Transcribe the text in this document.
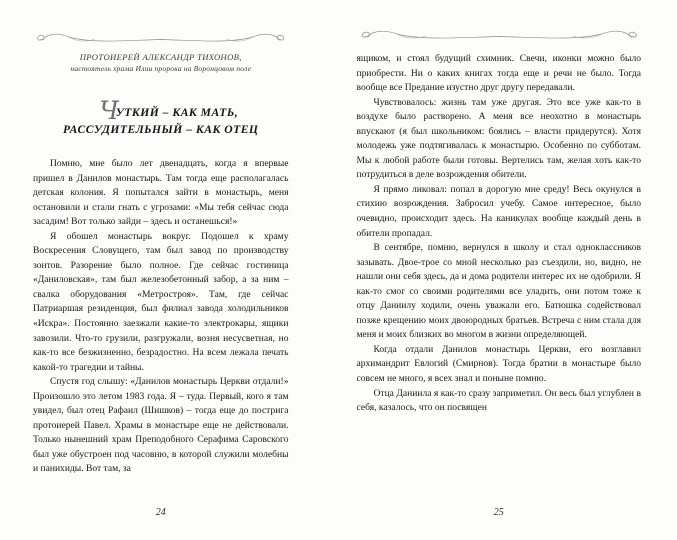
ПРОТОИЕРЕЙ АЛЕКСАНДР ТИХОНОВ,
настоятель храма Илии пророка на Воронцовом поле
ЧУТКИЙ – КАК МАТЬ,
РАССУДИТЕЛЬНЫЙ – КАК ОТЕЦ

Помню, мне было лет двенадцать, когда я впервые пришел в Данилов монастырь. Там тогда еще располагалась детская колония. Я попытался зайти в монастырь, меня остановили и стали гнать с угрозами: «Мы тебя сейчас сюда засадим! Вот только зайди – здесь и останешься!»

Я обошел монастырь вокруг. Подошел к храму Воскресения Словущего, там был завод по производству зонтов. Разорение было полное. Где сейчас гостиница «Даниловская», там был железобетонный забор, а за ним – свалка оборудования «Метростроя». Там, где сейчас Патриаршая резиденция, был филиал завода холодильников «Искра». Постоянно заезжали какие-то электрокары, ящики завозили. Что-то грузили, разгружали, возня несусветная, но как-то все безжизненно, безрадостно. На всем лежала печать какой-то трагедии и тайны.

Спустя год слышу: «Данилов монастырь Церкви отдали!» Произошло это летом 1983 года. Я – туда. Первый, кого я там увидел, был отец Рафаил (Шишков) – тогда еще до пострига протоиерей Павел. Храмы в монастыре еще не действовали. Только нынешний храм Преподобного Серафима Саровского был уже обустроен под часовню, в которой служили молебны и панихиды. Вот там, за

24

ящиком, и стоял будущий схимник. Свечи, иконки можно было приобрести. Ни о каких книгах тогда еще и речи не было. Тогда вообще все Предание изустно друг другу передавали.

Чувствовалось: жизнь там уже другая. Это все уже как-то в воздухе было растворено. А меня все неохотно в монастырь впускают (я был школьником: боялись – власти придерутся). Хотя молодежь уже подтягивалась к монастырю. Особенно по субботам. Мы к любой работе были готовы. Вертелись там, желая хоть как-то потрудиться в деле возрождения обители.

Я прямо ликовал: попал в дорогую мне среду! Весь окунулся в стихию возрождения. Забросил учебу. Самое интересное, было очевидно, происходит здесь. На каникулах вообще каждый день в обители пропадал.

В сентябре, помню, вернулся в школу и стал одноклассников зазывать. Двое-трое со мной несколько раз съездили, но, видно, не нашли они себя здесь, да и дома родители интерес их не одобрили. Я как-то смог со своими родителями все уладить, они потом тоже к отцу Даниилу ходили, очень уважали его. Батюшка содействовал позже крещению моих двоюродных братьев. Встреча с ним стала для меня и моих близких во многом в жизни определяющей.

Когда отдали Данилов монастырь Церкви, его возглавил архимандрит Евлогий (Смирнов). Тогда братии в монастыре было совсем не много, я всех знал и поныне помню.

Отца Даниила я как-то сразу заприметил. Он весь был углублен в себя, казалось, что он посвящен

25
